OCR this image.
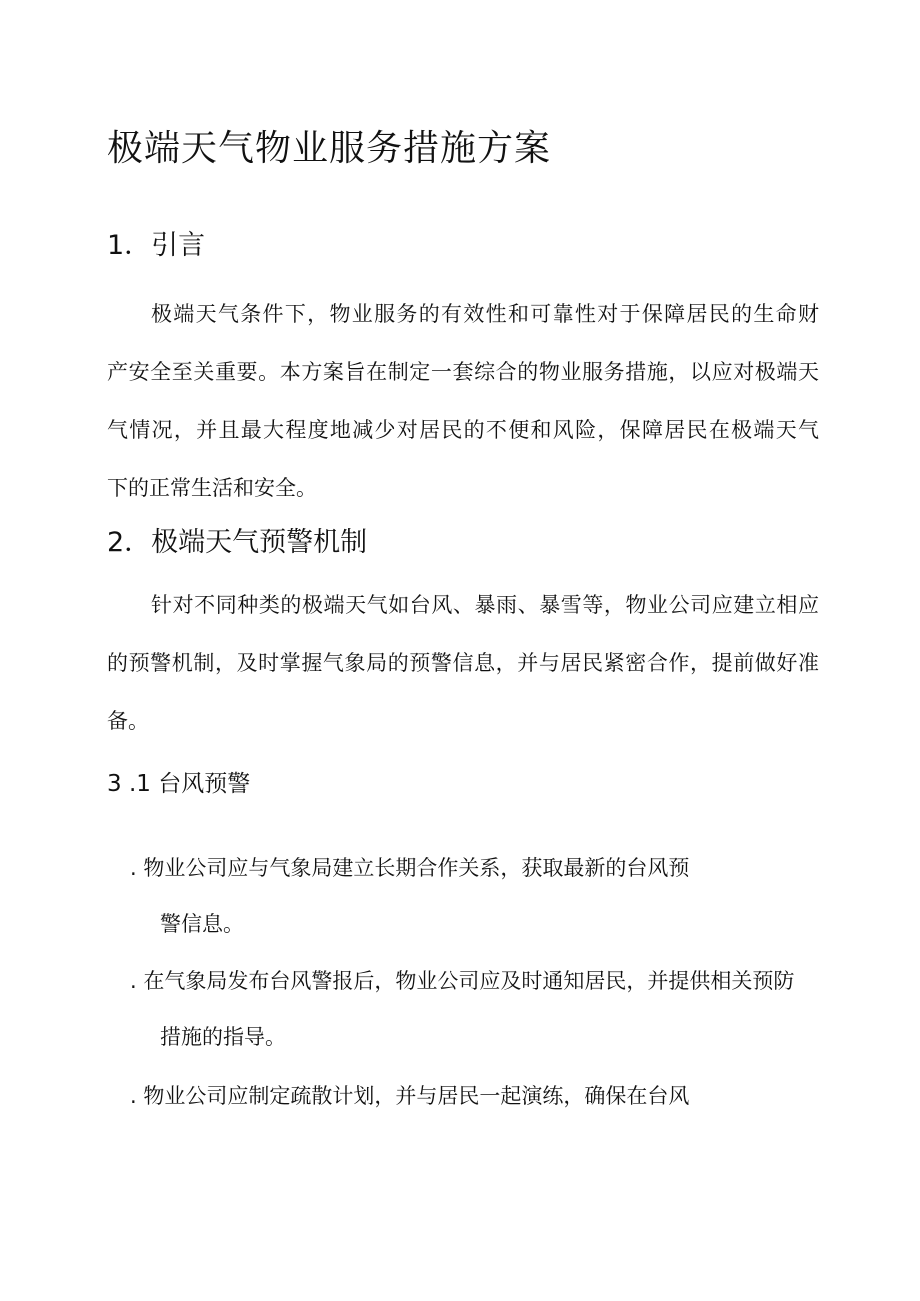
极端天气物业服务措施方案
1．引言

极端天气条件下，物业服务的有效性和可靠性对于保障居民的生命财
产安全至关重要。本方案旨在制定一套综合的物业服务措施，以应对极端天
气情况，并且最大程度地减少对居民的不便和风险，保障居民在极端天气
下的正常生活和安全。

2．极端天气预警机制

针对不同种类的极端天气如台风、暴雨、暴雪等，物业公司应建立相应
的预警机制，及时掌握气象局的预警信息，并与居民紧密合作，提前做好准
备。

3 .1 台风预警
. 物业公司应与气象局建立长期合作关系，获取最新的台风预
警信息。
. 在气象局发布台风警报后，物业公司应及时通知居民，并提供相关预防
措施的指导。
. 物业公司应制定疏散计划，并与居民一起演练，确保在台风
